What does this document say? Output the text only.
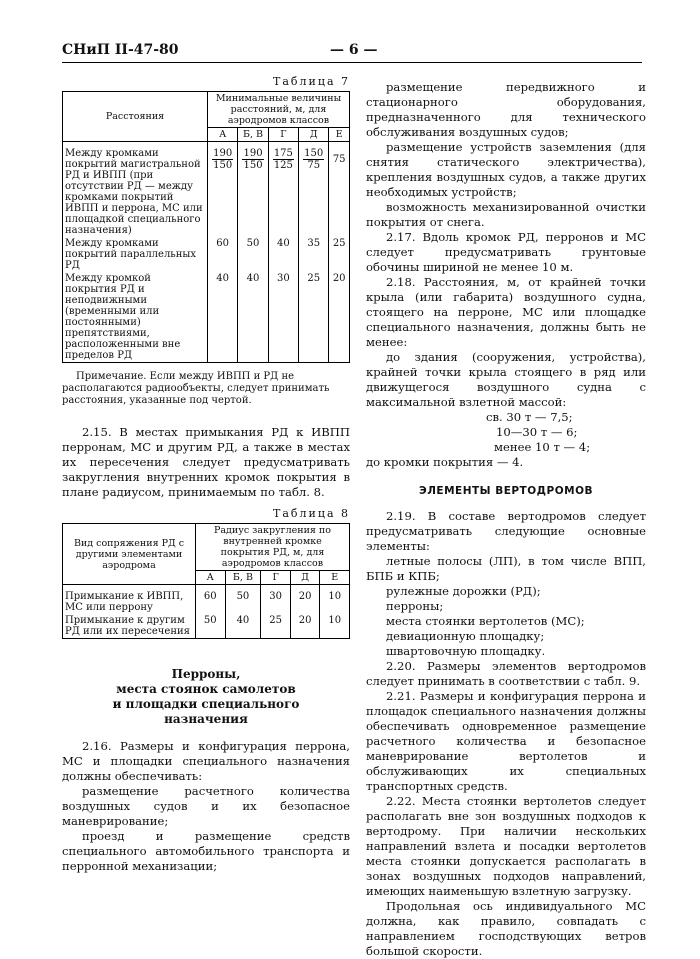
СНиП II-47-80	— 6 —
Таблица 7
Расстояния	Минимальные величины расстояний, м, для аэродромов классов				
	А	Б, В	Г	Д	Е
Между кромками покрытий магистральной РД и ИВПП (при отсутствии РД — между кромками покрытий ИВПП и перрона, МС или площадкой специального назначения)	$\frac{190}{150}$	$\frac{190}{150}$	$\frac{175}{125}$	$\frac{150}{75}$	75
Между кромками покрытий параллельных РД	60	50	40	35	25
Между кромкой покрытия РД и неподвижными (временными или постоянными) препятствиями, расположенными вне пределов РД	40	40	30	25	20
Примечание. Если между ИВПП и РД не располагаются радиообъекты, следует принимать расстояния, указанные под чертой.

2.15. В местах примыкания РД к ИВПП перронам, МС и другим РД, а также в местах их пересечения следует предусматривать закругления внутренних кромок покрытия в плане радиусом, принимаемым по табл. 8.

Таблица 8
Вид сопряжения РД с другими элементами аэродрома	Радиус закругления по внутренней кромке покрытия РД, м, для аэродромов классов				
	А	Б, В	Г	Д	Е
Примыкание к ИВПП, МС или перрону	60	50	30	20	10
Примыкание к другим РД или их пересечения	50	40	25	20	10
Перроны,
места стоянок самолетов
и площадки специального
назначения

2.16. Размеры и конфигурация перрона, МС и площадки специального назначения должны обеспечивать:

размещение расчетного количества воздушных судов и их безопасное маневрирование;

проезд и размещение средств специального автомобильного транспорта и перронной механизации;

размещение передвижного и стационарного оборудования, предназначенного для технического обслуживания воздушных судов;

размещение устройств заземления (для снятия статического электричества), крепления воздушных судов, а также других необходимых устройств;

возможность механизированной очистки покрытия от снега.

2.17. Вдоль кромок РД, перронов и МС следует предусматривать грунтовые обочины шириной не менее 10 м.

2.18. Расстояния, м, от крайней точки крыла (или габарита) воздушного судна, стоящего на перроне, МС или площадке специального назначения, должны быть не менее:

до здания (сооружения, устройства), крайней точки крыла стоящего в ряд или движущегося воздушного судна с максимальной взлетной массой:

св. 30 т — 7,5;
10—30 т — 6;
менее 10 т — 4;

до кромки покрытия — 4.

ЭЛЕМЕНТЫ ВЕРТОДРОМОВ

2.19. В составе вертодромов следует предусматривать следующие основные элементы:

летные полосы (ЛП), в том числе ВПП, БПБ и КПБ;

рулежные дорожки (РД);

перроны;

места стоянки вертолетов (МС);

девиационную площадку;

швартовочную площадку.

2.20. Размеры элементов вертодромов следует принимать в соответствии с табл. 9.

2.21. Размеры и конфигурация перрона и площадок специального назначения должны обеспечивать одновременное размещение расчетного количества и безопасное маневрирование вертолетов и обслуживающих их специальных транспортных средств.

2.22. Места стоянки вертолетов следует располагать вне зон воздушных подходов к вертодрому. При наличии нескольких направлений взлета и посадки вертолетов места стоянки допускается располагать в зонах воздушных подходов направлений, имеющих наименьшую взлетную загрузку.

Продольная ось индивидуального МС должна, как правило, совпадать с направлением господствующих ветров большой скорости.
